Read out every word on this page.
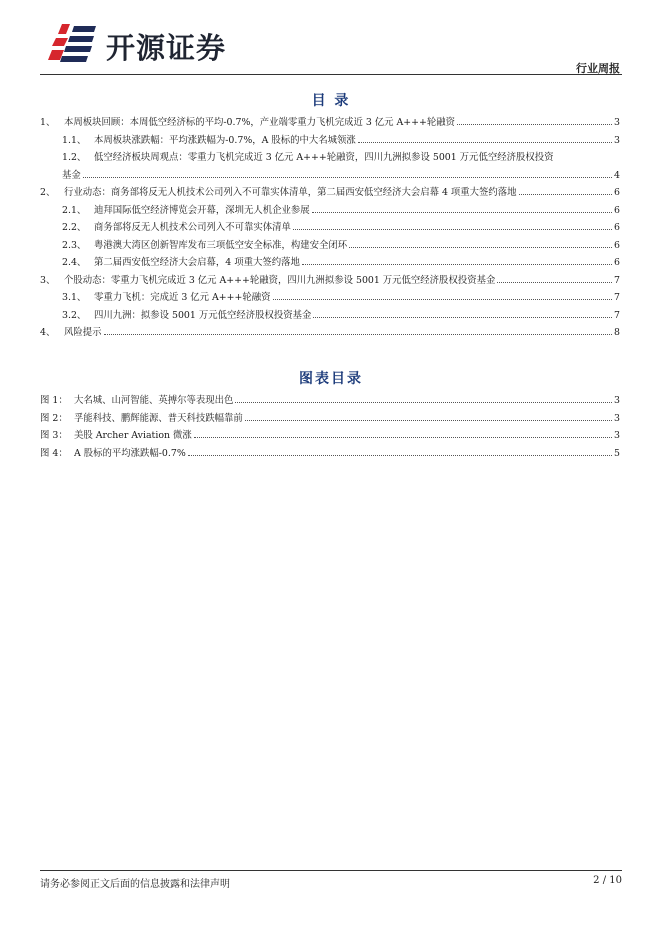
开源证券
行业周报
目 录
1、 本周板块回顾：本周低空经济标的平均-0.7%，产业端零重力飞机完成近 3 亿元 A+++轮融资	3
1.1、 本周板块涨跌幅：平均涨跌幅为-0.7%，A 股标的中大名城领涨	3
1.2、 低空经济板块周观点：零重力飞机完成近 3 亿元 A+++轮融资，四川九洲拟参设 5001 万元低空经济股权投资
基金	4
2、 行业动态：商务部将反无人机技术公司列入不可靠实体清单，第二届西安低空经济大会启幕 4 项重大签约落地	6
2.1、 迪拜国际低空经济博览会开幕，深圳无人机企业参展	6
2.2、 商务部将反无人机技术公司列入不可靠实体清单	6
2.3、 粤港澳大湾区创新智库发布三项低空安全标准，构建安全闭环	6
2.4、 第二届西安低空经济大会启幕，4 项重大签约落地	6
3、 个股动态：零重力飞机完成近 3 亿元 A+++轮融资，四川九洲拟参设 5001 万元低空经济股权投资基金	7
3.1、 零重力飞机：完成近 3 亿元 A+++轮融资	7
3.2、 四川九洲：拟参设 5001 万元低空经济股权投资基金	7
4、 风险提示	8
图表目录
图 1： 大名城、山河智能、英搏尔等表现出色	3
图 2： 孚能科技、鹏辉能源、普天科技跌幅靠前	3
图 3： 美股 Archer Aviation 微涨	3
图 4： A 股标的平均涨跌幅-0.7%	5
请务必参阅正文后面的信息披露和法律声明	2 / 10
